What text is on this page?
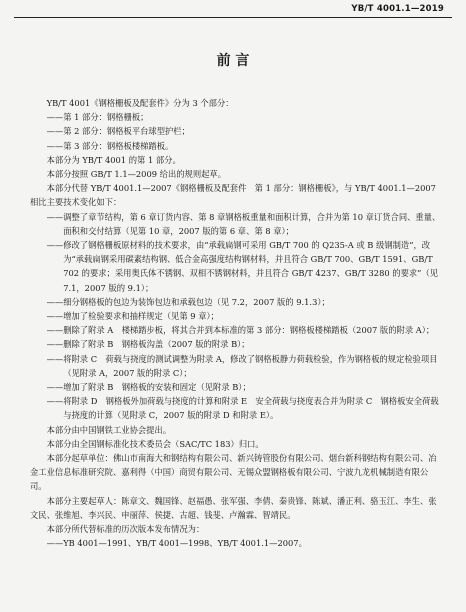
YB/T 4001.1—2019
前 言

YB/T 4001《钢格栅板及配套件》分为 3 个部分：

——第 1 部分：钢格栅板；

——第 2 部分：钢格板平台球型护栏；

——第 3 部分：钢格板楼梯踏板。

本部分为 YB/T 4001 的第 1 部分。

本部分按照 GB/T 1.1—2009 给出的规则起草。

本部分代替 YB/T 4001.1—2007《钢格栅板及配套件　第 1 部分：钢格栅板》，与 YB/T 4001.1—2007 相比主要技术变化如下：

——调整了章节结构，第 6 章订货内容、第 8 章钢格板重量和面积计算，合并为第 10 章订货合同、重量、面积和交付结算（见第 10 章，2007 版的第 6 章、第 8 章）；

——修改了钢格栅板原材料的技术要求，由“承载扁钢可采用 GB/T 700 的 Q235-A 或 B 级钢制造”，改为“承载扁钢采用碳素结构钢、低合金高强度结构钢材料，并且符合 GB/T 700、GB/T 1591、GB/T 702 的要求；采用奥氏体不锈钢、双相不锈钢材料，并且符合 GB/T 4237、GB/T 3280 的要求”（见 7.1，2007 版的 9.1）；

——细分钢格板的包边为装饰包边和承载包边（见 7.2，2007 版的 9.1.3）；

——增加了检验要求和抽样规定（见第 9 章）；

——删除了附录 A　楼梯踏步板，将其合并到本标准的第 3 部分：钢格板楼梯踏板（2007 版的附录 A）；

——删除了附录 B　钢格板沟盖（2007 版的附录 B）；

——将附录 C　荷载与挠度的测试调整为附录 A，修改了钢格板静力荷载检验，作为钢格板的规定检验项目（见附录 A，2007 版的附录 C）；

——增加了附录 B　钢格板的安装和固定（见附录 B）；

——将附录 D　钢格板外加荷载与挠度的计算和附录 E　安全荷载与挠度表合并为附录 C　钢格板安全荷载与挠度的计算（见附录 C，2007 版的附录 D 和附录 E）。

本部分由中国钢铁工业协会提出。

本部分由全国钢标准化技术委员会（SAC/TC 183）归口。

本部分起草单位：佛山市南海大和钢结构有限公司、新兴铸管股份有限公司、烟台新科钢结构有限公司、冶金工业信息标准研究院、嘉利得（中国）商贸有限公司、无锡众盟钢格板有限公司、宁波九龙机械制造有限公司。

本部分主要起草人：陈章文、魏国锋、赵福愚、张军强、李倩、秦贵锋、陈斌、潘正利、骆玉江、李生、张文民、张维旭、李兴民、申丽萍、侯捷、古超、钱斐、卢瀚霖、智靖民。

本部分所代替标准的历次版本发布情况为：

——YB 4001—1991、YB/T 4001—1998、YB/T 4001.1—2007。
